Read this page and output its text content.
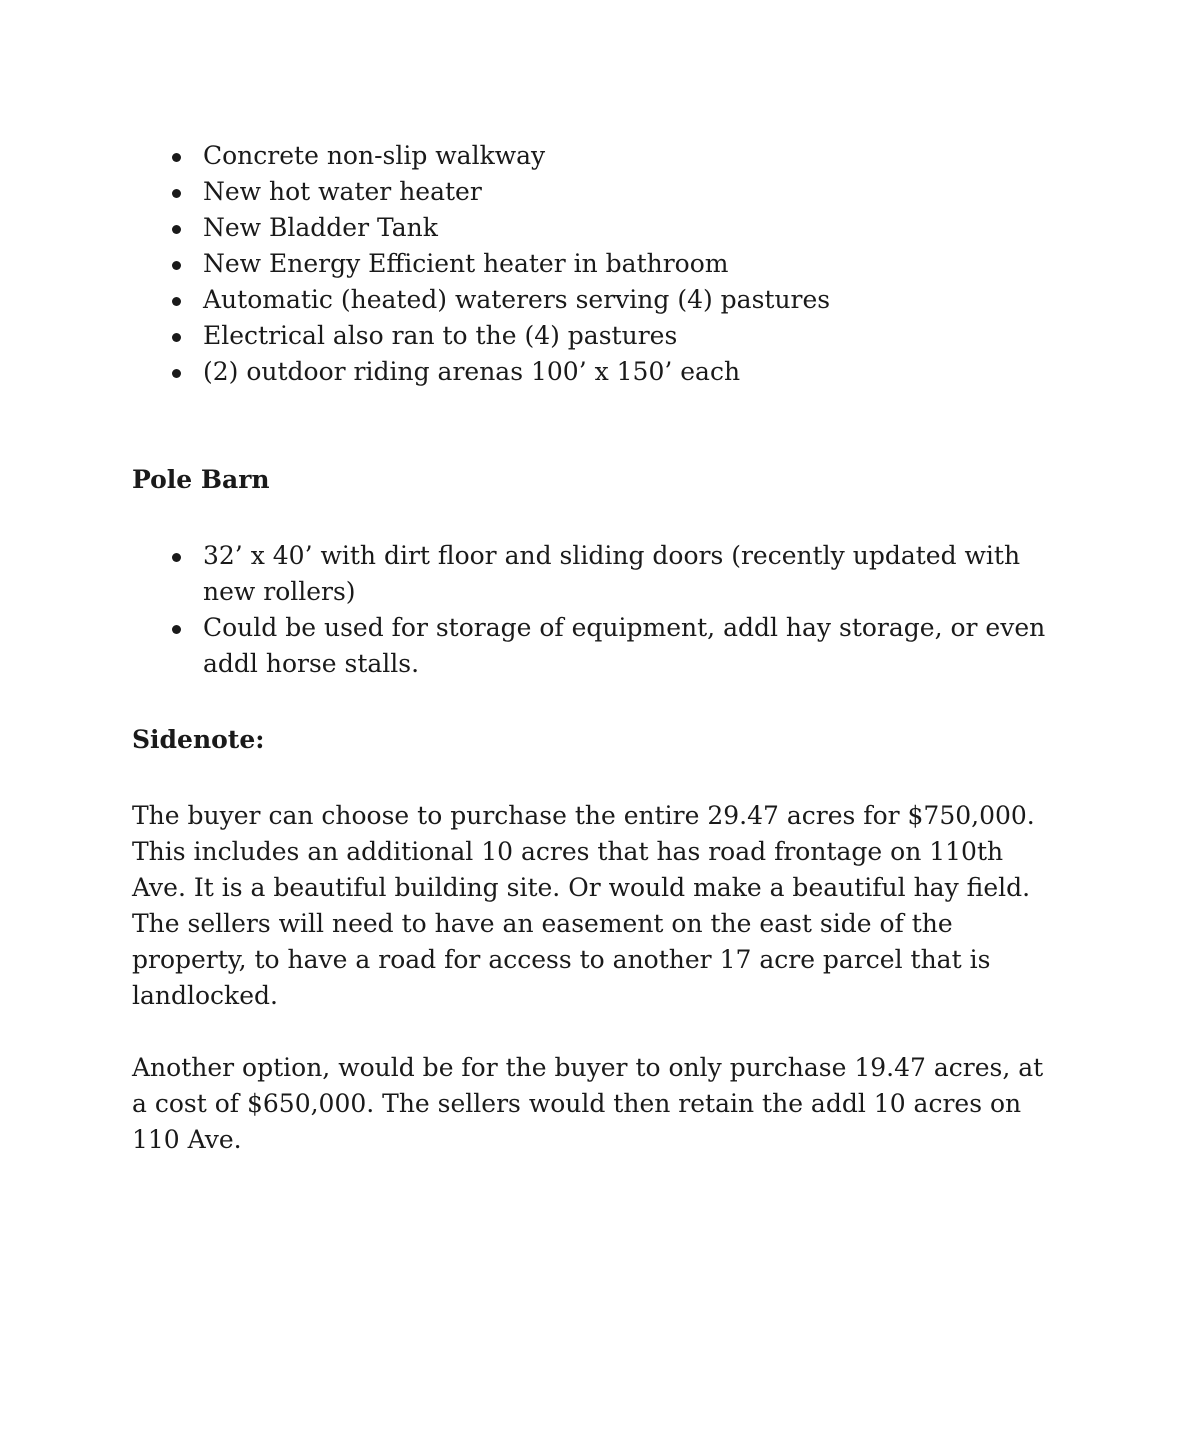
Concrete non-slip walkway
New hot water heater
New Bladder Tank
New Energy Efficient heater in bathroom
Automatic (heated) waterers serving (4) pastures
Electrical also ran to the (4) pastures
(2) outdoor riding arenas 100’ x 150’ each

Pole Barn

32’ x 40’ with dirt floor and sliding doors (recently updated with new rollers)
Could be used for storage of equipment, addl hay storage, or even addl horse stalls.

Sidenote:

The buyer can choose to purchase the entire 29.47 acres for $750,000. This includes an additional 10 acres that has road frontage on 110th Ave. It is a beautiful building site. Or would make a beautiful hay field. The sellers will need to have an easement on the east side of the property, to have a road for access to another 17 acre parcel that is landlocked.

Another option, would be for the buyer to only purchase 19.47 acres, at a cost of $650,000. The sellers would then retain the addl 10 acres on 110 Ave.
